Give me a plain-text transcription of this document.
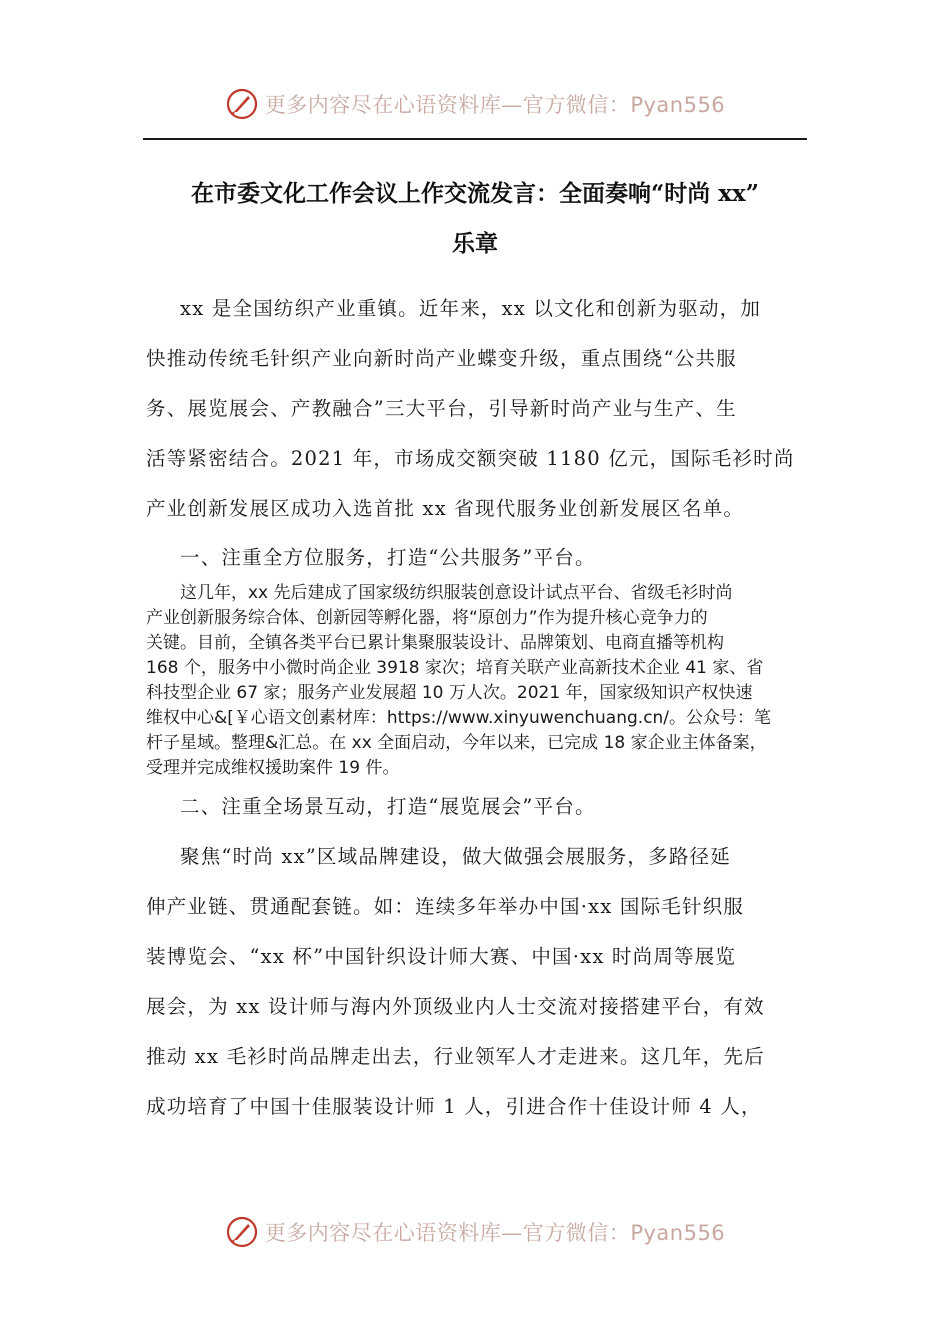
更多内容尽在心语资料库—官方微信：Pyan556
在市委文化工作会议上作交流发言：全面奏响“时尚 xx”
乐章
xx 是全国纺织产业重镇。近年来，xx 以文化和创新为驱动，加
快推动传统毛针织产业向新时尚产业蝶变升级，重点围绕“公共服
务、展览展会、产教融合”三大平台，引导新时尚产业与生产、生
活等紧密结合。2021 年，市场成交额突破 1180 亿元，国际毛衫时尚
产业创新发展区成功入选首批 xx 省现代服务业创新发展区名单。
一、注重全方位服务，打造“公共服务”平台。
这几年，xx 先后建成了国家级纺织服装创意设计试点平台、省级毛衫时尚
产业创新服务综合体、创新园等孵化器，将“原创力”作为提升核心竞争力的
关键。目前，全镇各类平台已累计集聚服装设计、品牌策划、电商直播等机构
168 个，服务中小微时尚企业 3918 家次；培育关联产业高新技术企业 41 家、省
科技型企业 67 家；服务产业发展超 10 万人次。2021 年，国家级知识产权快速
维权中心&[￥心语文创素材库：https://www.xinyuwenchuang.cn/。公众号：笔
杆子星域。整理&汇总。在 xx 全面启动，今年以来，已完成 18 家企业主体备案，
受理并完成维权援助案件 19 件。
二、注重全场景互动，打造“展览展会”平台。
聚焦“时尚 xx”区域品牌建设，做大做强会展服务，多路径延
伸产业链、贯通配套链。如：连续多年举办中国·xx 国际毛针织服
装博览会、“xx 杯”中国针织设计师大赛、中国·xx 时尚周等展览
展会，为 xx 设计师与海内外顶级业内人士交流对接搭建平台，有效
推动 xx 毛衫时尚品牌走出去，行业领军人才走进来。这几年，先后
成功培育了中国十佳服装设计师 1 人，引进合作十佳设计师 4 人，
更多内容尽在心语资料库—官方微信：Pyan556
